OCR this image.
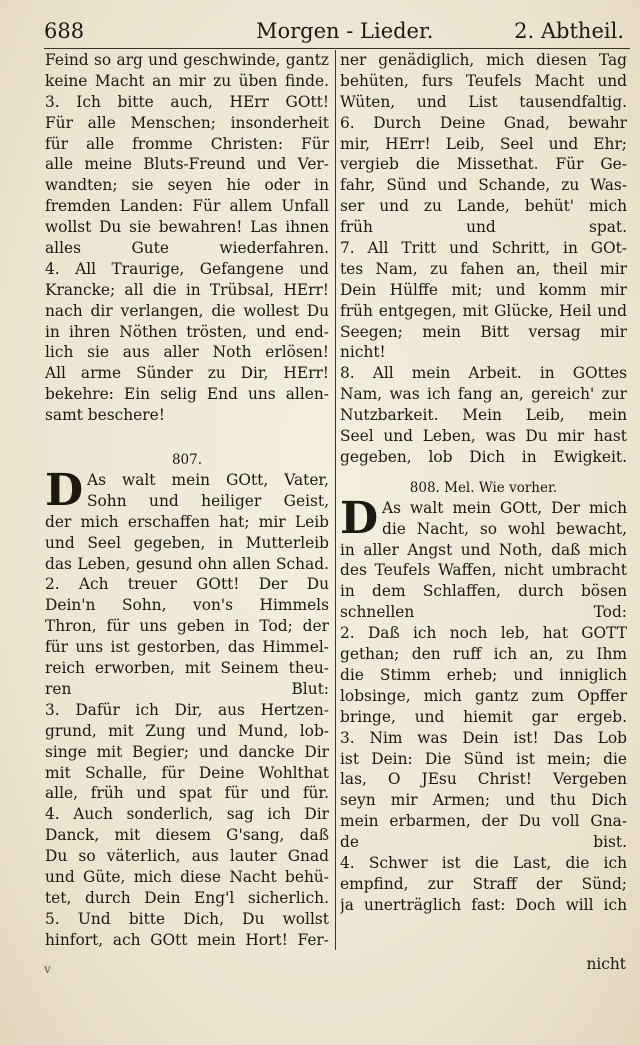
688	Morgen - Lieder.	2. Abtheil.
Feind so arg und geschwinde, gantz
keine Macht an mir zu üben finde.
3. Ich bitte auch, HErr GOtt!
Für alle Menschen; insonderheit
für alle fromme Christen: Für
alle meine Bluts-Freund und Ver-
wandten; sie seyen hie oder in
fremden Landen: Für allem Unfall
wollst Du sie bewahren! Las ihnen
alles Gute wiederfahren.
4. All Traurige, Gefangene und
Krancke; all die in Trübsal, HErr!
nach dir verlangen, die wollest Du
in ihren Nöthen trösten, und end-
lich sie aus aller Noth erlösen!
All arme Sünder zu Dir, HErr!
bekehre: Ein selig End uns allen-
samt beschere!
807.
D As walt mein GOtt, Vater,
Sohn und heiliger Geist,
der mich erschaffen hat; mir Leib
und Seel gegeben, in Mutterleib
das Leben, gesund ohn allen Schad.
2. Ach treuer GOtt! Der Du
Dein'n Sohn, von's Himmels
Thron, für uns geben in Tod; der
für uns ist gestorben, das Himmel-
reich erworben, mit Seinem theu-
ren Blut:
3. Dafür ich Dir, aus Hertzen-
grund, mit Zung und Mund, lob-
singe mit Begier; und dancke Dir
mit Schalle, für Deine Wohlthat
alle, früh und spat für und für.
4. Auch sonderlich, sag ich Dir
Danck, mit diesem G'sang, daß
Du so väterlich, aus lauter Gnad
und Güte, mich diese Nacht behü-
tet, durch Dein Eng'l sicherlich.
5. Und bitte Dich, Du wollst
hinfort, ach GOtt mein Hort! Fer-
ner genädiglich, mich diesen Tag
behüten, furs Teufels Macht und
Wüten, und List tausendfaltig.
6. Durch Deine Gnad, bewahr
mir, HErr! Leib, Seel und Ehr;
vergieb die Missethat. Für Ge-
fahr, Sünd und Schande, zu Was-
ser und zu Lande, behüt' mich
früh und spat.
7. All Tritt und Schritt, in GOt-
tes Nam, zu fahen an, theil mir
Dein Hülffe mit; und komm mir
früh entgegen, mit Glücke, Heil und
Seegen; mein Bitt versag mir
nicht!
8. All mein Arbeit. in GOttes
Nam, was ich fang an, gereich' zur
Nutzbarkeit. Mein Leib, mein
Seel und Leben, was Du mir hast
gegeben, lob Dich in Ewigkeit.
808. Mel. Wie vorher.
D As walt mein GOtt, Der mich
die Nacht, so wohl bewacht,
in aller Angst und Noth, daß mich
des Teufels Waffen, nicht umbracht
in dem Schlaffen, durch bösen
schnellen Tod:
2. Daß ich noch leb, hat GOTT
gethan; den ruff ich an, zu Ihm
die Stimm erheb; und inniglich
lobsinge, mich gantz zum Opffer
bringe, und hiemit gar ergeb.
3. Nim was Dein ist! Das Lob
ist Dein: Die Sünd ist mein; die
las, O JEsu Christ! Vergeben
seyn mir Armen; und thu Dich
mein erbarmen, der Du voll Gna-
de bist.
4. Schwer ist die Last, die ich
empfind, zur Straff der Sünd;
ja unerträglich fast: Doch will ich
nicht
v
